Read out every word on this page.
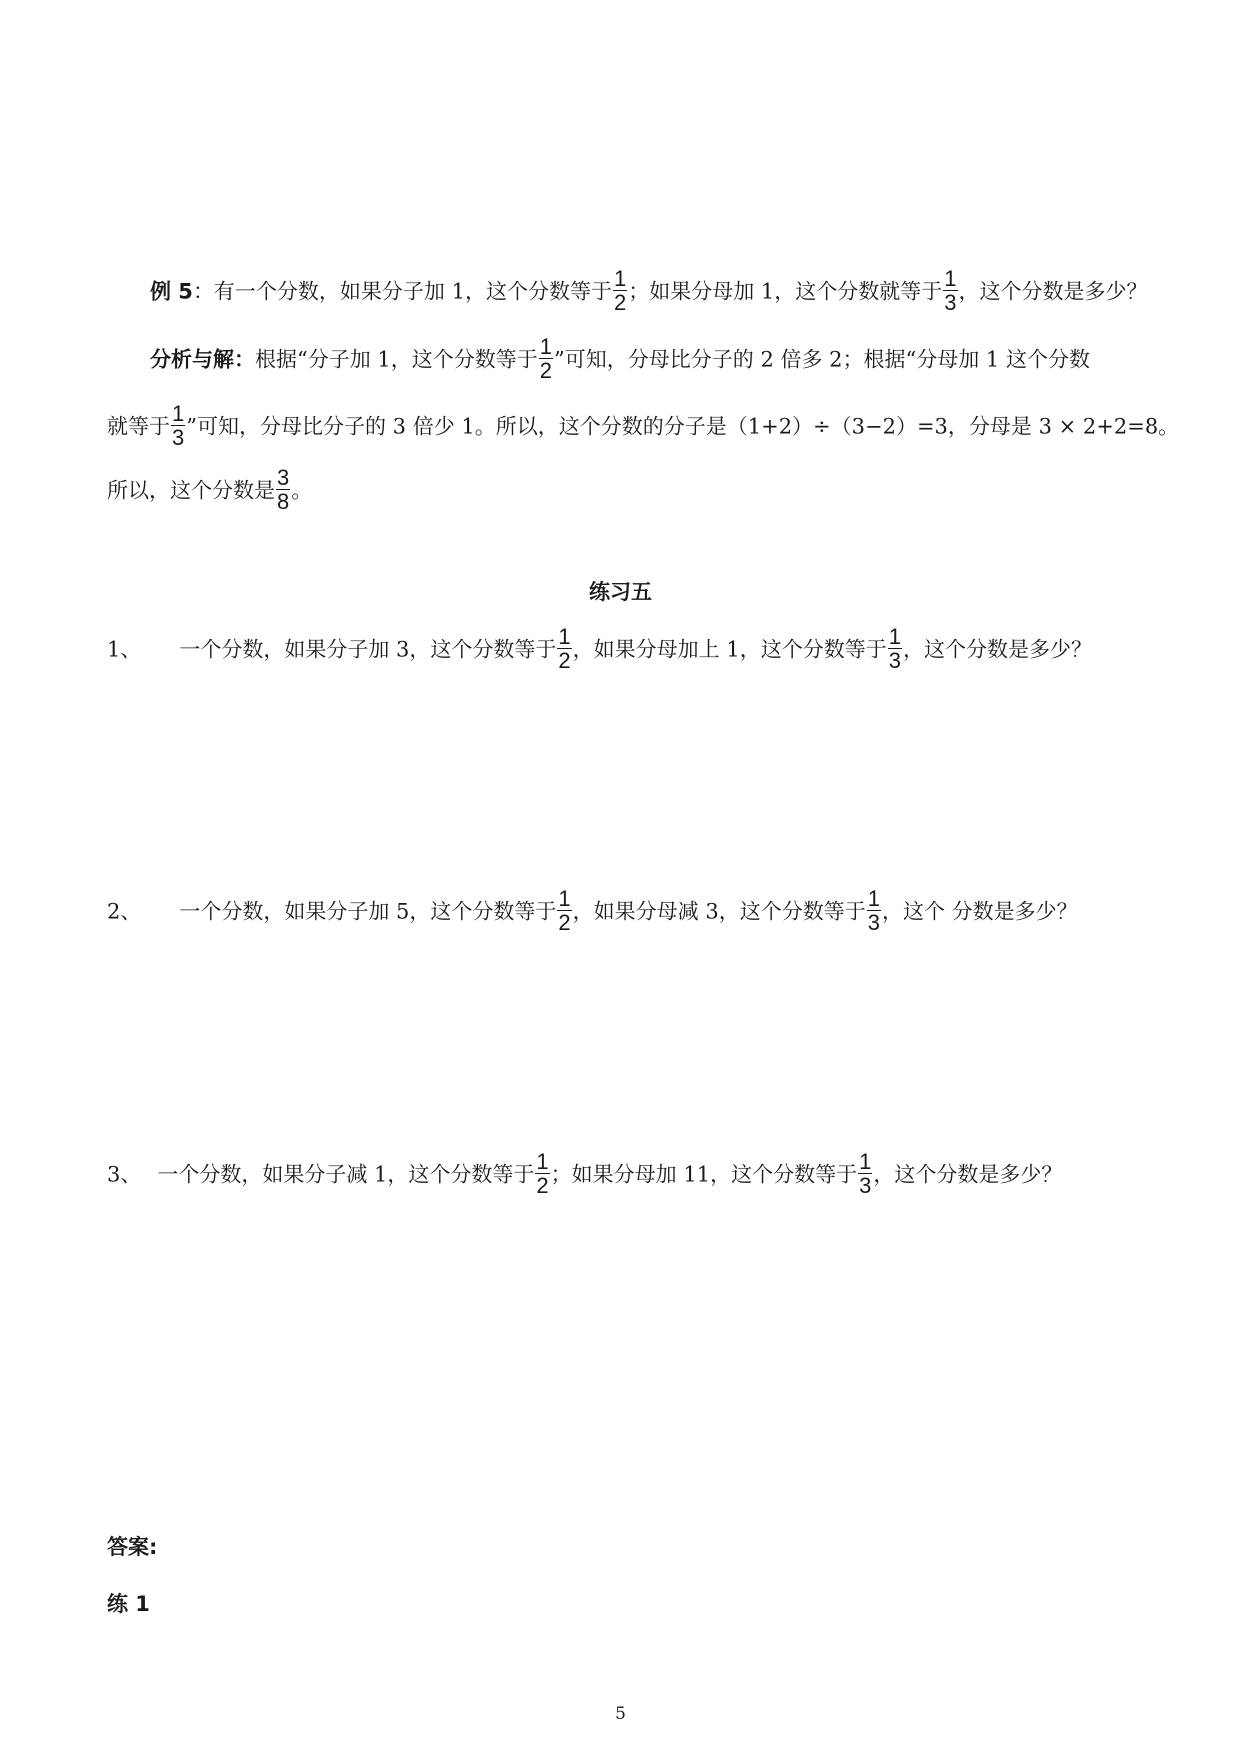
例 5：有一个分数，如果分子加 1，这个分数等于 $\frac{1}{2}$ ；如果分母加 1，这个分数就等于 $\frac{1}{3}$ ，这个分数是多少？
分析与解：根据“分子加 1，这个分数等于 $\frac{1}{2}$ ”可知，分母比分子的 2 倍多 2；根据“分母加 1 这个分数
就等于 $\frac{1}{3}$ ”可知，分母比分子的 3 倍少 1。所以，这个分数的分子是（1+2）÷（3−2）=3，分母是 3 × 2+2=8。
所以，这个分数是 $\frac{3}{8}$ 。
练习五
1、 一个分数，如果分子加 3，这个分数等于 $\frac{1}{2}$ ，如果分母加上 1，这个分数等于 $\frac{1}{3}$ ，这个分数是多少？
2、 一个分数，如果分子加 5，这个分数等于 $\frac{1}{2}$ ，如果分母减 3，这个分数等于 $\frac{1}{3}$ ，这个 分数是多少？
3、 一个分数，如果分子减 1，这个分数等于 $\frac{1}{2}$ ；如果分母加 11，这个分数等于 $\frac{1}{3}$ ，这个分数是多少？
答案:
练 1
5
